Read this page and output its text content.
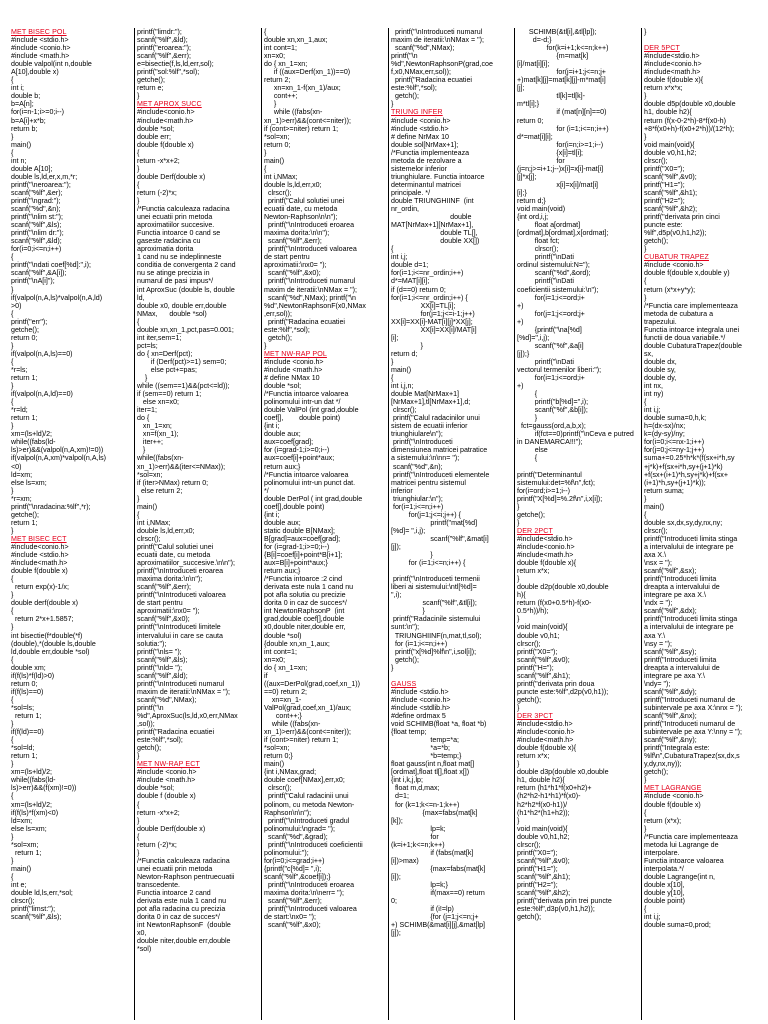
MET BISEC POL
#include <stdio.h>
#include <conio.h>
#include <math.h>
double valpol(int n,double
A[10],double x)
{
int i;
double b;
b=A[n];
for(i=n-1;i>=0;i--)
b=A[i]+x*b;
return b;
}
main()
{
int n;
double A[10];
double ls,ld,er,x,m,*r;
printf("\neroarea:");
scanf("%lf",&er);
printf("\ngrad:");
scanf("%d",&n);
printf("\nlim st:");
scanf("%lf",&ls);
printf("\nlim dr:");
scanf("%lf",&ld);
for(i=0;i<=n;i++)
{
printf("\ndati coef[%d]:",i);
scanf("%lf",&A[i]);
printf("\nA[i]");
}
if(valpol(n,A,ls)*valpol(n,A,ld)
>0)
{
printf("err");
getche();
return 0;
}
if(valpol(n,A,ls)==0)
{
*r=ls;
return 1;
}
if(valpol(n,A,ld)==0)
{
*r=ld;
return 1;
}
xm=(ls+ld)/2;
while((fabs(ld-
ls)>er)&&(valpol(n,A,xm)!=0))
if(valpol(n,A,xm)*valpol(n,A,ls)
<0)
ld=xm;
else ls=xm;
}
*r=xm;
printf("\nradacina:%lf",*r);
getche();
return 1;
}
MET BISEC ECT
#include<conio.h>
#include <stdio.h>
#include<math.h>
double f(double x)
{
return exp(x)-1/x;
}
double derf(double x)
{
return 2*x+1.5857;
}
int bisectie(f*double(*f)
(double),*(double ls,double
ld,double err,double *sol)
{
double xm;
if(f(ls)*f(ld)>0)
return 0;
if(f(ls)==0)
{
*sol=ls;
return 1;
}
if(f(ld)==0)
{
*sol=ld;
return 1;
}
xm=(ls+ld)/2;
while((fabs(ld-
ls)>err)&&(f(xm)!=0))
{
xm=(ls+ld)/2;
if(f(ls)*f(xm)<0)
ld=xm;
else ls=xm;
}
*sol=xm;
return 1;
}
main()
{
int e;
double ld,ls,err,*sol;
clrscr();
printf("limst:");
scanf("%lf",&ls);
printf("limdr:");
scanf("%lf",&ld);
printf("eroarea:");
scanf("%lf",&err);
e=bisectie(f,ls,ld,err,sol);
printf("sol:%lf",*sol);
getche();
return e;
}
MET APROX SUCC
#include<conio.h>
#include<math.h>
double *sol;
double err;
double f(double x)
{
return -x*x+2;
}
double Derf(double x)
{
return (-2)*x;
}
/*Functia calculeaza radacina
unei ecuatii prin metoda
aproximatiilor succesive.
Functia intoarce 0 cand se
gaseste radacina cu
aproximatia dorita
1 cand nu se indeplinneste
conditia de convergenta 2 cand
nu se atinge precizia in
numarul de pasi impus*/
int AproxSuc (double ls, double
ld,
double x0, double err,double
NMax,      double *sol)
{
double xn,xn_1,pct,pas=0.001;
int iter,sem=1;
pct=ls;
do { xn=Derf(pct);
if (Derf(pct)>=1) sem=0;
else pct+=pas;
}
while ((sem==1)&&(pct<=ld));
if (sem==0) return 1;
else xn=x0;
iter=1;
do {
xn_1=xn;
xn=f(xn_1);
iter++;
}
while((fabs(xn-
xn_1)>err)&&(iter<=NMax));
*sol=xn;
if (iter>NMax) return 0;
else return 2;
}
main()
{
int i,NMax;
double ls,ld,err,x0;
clrscr();
printf("Calul solutiei unei
ecuatii date, cu metoda
aproximatiilor_succesive.\n\n");
printf("\nIntroduceti eroarea
maxima dorita:\n\n");
scanf("%lf",&err);
printf("\nIntroduceti valoarea
de start pentru
aproximatii:\nx0= ");
scanf("%lf",&x0);
printf("\nIntroduceti limitele
intervalului in care se cauta
solutia:");
printf("\nls= ");
scanf("%lf",&ls);
printf("\nld= ");
scanf("%lf",&ld);
printf("\nIntroduceti numarul
maxim de iteratii:\nNMax = ");
scanf("%d",NMax);
printf("\n
%d",AproxSuc(ls,ld,x0,err,NMax
,sol));
printf("Radacina ecuatiei
este:%lf",*sol);
getch();
}
MET NW-RAP ECT
#include <conio.h>
#include <math.h>
double *sol;
double f (double x)
{
return -x*x+2;
}
double Derf(double x)
{
return (-2)*x;
}
/*Functia calculeaza radacina
unei ecuatii prin metoda
Newton-Raphson pentruecuatii
transcedente.
Functia intoarce 2 cand
derivata este nula 1 cand nu
pot afla radacina cu precizia
dorita 0 in caz de succes*/
int NewtonRaphsonF  (double
x0,
double niter,double err,double
*sol)
{
double xn,xn_1,aux;
int cont=1;
xn=x0;
do { xn_1=xn;
if ((aux=Derf(xn_1))==0)
return 2;
xn=xn_1-f(xn_1)/aux;
cont++;
}
while ((fabs(xn-
xn_1)>err)&&(cont<=niter));
if (cont>=niter) return 1;
*sol=xn;
return 0;
}
main()
{
int i,NMax;
double ls,ld,err,x0;
clrscr();
printf("Calul solutiei unei
ecuatii date, cu metoda
Newton-Raphson\n\n");
printf("\nIntroduceti eroarea
maxima dorita:\n\n");
scanf("%lf",&err);
printf("\nIntroduceti valoarea
de start pentru
aproximatii:\nx0= ");
scanf("%lf",&x0);
printf("\nIntroduceti numarul
maxim de iteratii:\nNMax = ");
scanf("%d",NMax); printf("\n
%d",NewtonRaphsonF(x0,NMax
,err,sol));
printf("Radacina ecuatiei
este:%lf",*sol);
getch();
}
MET NW-RAP POL
#include <conio.h>
#include <math.h>
# define NMax 10
double *sol;
/*Functia intoarce valoarea
polinomului intr-un dat */
double ValPol (int grad,double
coef[],        double point)
{int i;
double aux;
aux=coef[grad];
for (i=grad-1;i>=0;i--)
aux=coef[i]+point*aux;
return aux;}
/*Functia intoarce valoarea
polinomului intr-un punct dat.
*/
double DerPol ( int grad,double
coef[],double point)
{int i;
double aux;
static double B[NMax];
B[grad]=aux=coef[grad];
for (i=grad-1;i>=0;i--)
{B[i]=coef[i]+point*B[i+1];
aux=B[i]+point*aux;}
return aux;}
/*Functia intoarce :2 cind
derivata este nula 1 cand nu
pot afla solutia cu precizie
dorita 0 in caz de succes*/
int NewtonRaphsonP  (int
grad,double coef[],double
x0,double niter,double err,
double *sol)
{double xn,xn_1,aux;
int cont=1;
xn=x0;
do { xn_1=xn;
if
((aux=DerPol(grad,coef,xn_1))
==0) return 2;
xn=xn_1-
ValPol(grad,coef,xn_1)/aux;
cont++;}
while ((fabs(xn-
xn_1)>err)&&(cont<=niter));
if (cont>=niter) return 1;
*sol=xn;
return 0;}
main()
{int i,NMax,grad;
double coef[NMax],err,x0;
clrscr();
printf("Calul radacinii unui
polinom, cu metoda Newton-
Raphson\n\n");
printf("\nIntroduceti gradul
polinomului:\ngrad= ");
scanf("%d",&grad);
printf("\nIntroduceti coeficientii
polinomului:");
for(i=0;i<=grad;i++)
{printf("c[%d]= ",i);
scanf("%lf",&coef[i]);}
printf("\nIntroduceti eroarea
maxima dorita:\n\nerr= ");
scanf("%lf",&err);
printf("\nIntroduceti valoarea
de start:\nx0= ");
scanf("%lf",&x0);
printf("\nIntroduceti numarul
maxim de iteratii:\nNMax = ");
scanf("%d",NMax);
printf("\n
%d",NewtonRaphsonP(grad,coe
f,x0,NMax,err,sol));
printf("Radacina ecuatiei
este:%lf",*sol);
getch();
}
TRIUNG INFER
#include <conio.h>
#include <stdio.h>
# define NrMax 10
double sol[NrMax+1];
/*Functia implementeaza
metoda de rezolvare a
sistemelor inferior
triunghiulare. Functia intoarce
determinantul matricei
principale. */
double TRIUNGHIINF  (int
nr_ordin,
double
MAT[NrMax+1][NrMax+1],
double TL[],
double XX[])
{
int i,j;
double d=1;
for(i=1;i<=nr_ordin;i++)
d*=MAT[i][i];
if (d==0) return 0;
for(i=1;i<=nr_ordin;i++) {
XX[i]=TL[i];
for(j=1;j<=i-1;j++)
XX[i]=XX[i]-MAT[i][j]*XX[j];
XX[i]=XX[i]/MAT[i]
[i];
}
return d;
}
main()
{
int i,j,n;
double Mat[NrMax+1]
[NrMax+1],tl[NrMax+1],d;
clrscr();
printf("Calul radacinilor unui
sistem de ecuatii inferior
triunghiulare\n");
printf("\nIntroduceti
dimensiunea matricei patratice
a sistemului:\n\nn= ");
scanf("%d",&n);
printf("\nIntroduceti elementele
matricei pentru sistemul
inferior
triunghiular:\n");
for(i=1;i<=n;i++)
for(j=1;j<=i;j++) {
printf("mat[%d]
[%d]= ",i,j);
scanf("%lf",&mat[i]
[j]);
}
for (i=1;i<=n;i++) {
printf("\nIntroduceti termenii
liberi ai sistemului:\ntl[%d]=
",i);
scanf("%lf",&tl[i]);
}
printf("Radacinile sistemului
sunt:\n");
TRIUNGHIINF(n,mat,tl,sol);
for (i=1;i<=n;i++)
printf("x[%d]%lf\n",i,sol[i]);
getch();
}
GAUSS
#include <stdio.h>
#include <conio.h>
#include <stdlib.h>
#define ordmax 5
void SCHIMB(float *a, float *b)
{float temp;
temp=*a;
*a=*b;
*b=temp;}
float gauss(int n,float mat[]
[ordmat],float tl[],float x[])
{int i,k,j,lp;
float m,d,max;
d=1;
for (k=1;k<=n-1;k++)
{max=fabs(mat[k]
[k]);
lp=k;
for
(k=i+1;k<=n;k++)
if (fabs(mat[k]
[i])>max)
{max=fabs(mat[k]
[i]);
lp=k;}
if(max==0) return
0;
if (i!=lp)
{for (j=1;j<=n;j+
+) SCHIMB(&mat[i][j],&mat[lp]
[j]);
SCHIMB(&tl[i],&tl[lp]);
d=-d;}
for(k=i+1;k<=n;k++)
{m=mat[k]
[i]/mat[i][i];
for(j=i+1;j<=n;j+
+)mat[k][j]=mat[k][j]-m*mat[i]
[j];
tl[k]=tl[k]-
m*tl[i];}
if (mat[n][n]==0)
return 0;
for (i=1;i<=n;i++)
d*=mat[i][i];
for(i=n;i>=1;i--)
{x[i]=tl[i];
for
(j=n;j>=i+1;j--)x[i]=x[i]-mat[i]
[j]*x[j];
x[i]=x[i]/mat[i]
[i];}
return d;}
void main(void)
{int ord,i,j;
float a[ordmat]
[ordmat],b[ordmat],x[ordmat];
float fct;
clrscr();
printf("\nDati
ordinul sistemului:N=");
scanf("%d",&ord);
printf("\nDati
coeficientii sistemului:\n");
for(i=1;i<=ord;i+
+)
for(j=1;j<=ord;j+
+)
{printf("\na[%d]
[%d]=",i,j);
scanf("%f",&a[i]
[j]);}
printf("\nDati
vectorul termenilor liberi:");
for(i=1;i<=ord;i+
+)
{
printf("b[%d]=",i);
scanf("%f",&b[i]);
}
fct=gauss(ord,a,b,x);
if(fct==0)printf("\nCeva e putred
in DANEMARCA!!!");
else
{
printf("Determinantul
sistemului:det=%f\n",fct);
for(i=ord;i>=1;i--)
printf("X[%d]=%.2f\n",i,x[i]);
}
getche();
}
DER 2PCT
#include<stdio.h>
#include<conio.h>
#include<math.h>
double f(double x){
return x*x;
}
double d2p(double x0,double
h){
return (f(x0+0.5*h)-f(x0-
0.5*h))/h);
}
void main(void){
double v0,h1;
clrscr();
printf("X0=");
scanf("%lf",&v0);
printf("H=");
scanf("%lf",&h1);
printf("derivata prin doua
puncte este:%lf",d2p(v0,h1));
getch();
}
DER 3PCT
#include<stdio.h>
#include<conio.h>
#include<math.h>
double f(double x){
return x*x;
}
double d3p(double x0,double
h1, double h2){
return (h1*h1*f(x0+h2)+
(h2*h2-h1*h1)*f(x0)-
h2*h2*f(x0-h1))/
(h1*h2*(h1+h2));
}
void main(void){
double v0,h1,h2;
clrscr();
printf("X0=");
scanf("%lf",&v0);
printf("H1=");
scanf("%lf",&h1);
printf("H2=");
scanf("%lf",&h2);
printf("derivata prin trei puncte
este:%lf",d3p(v0,h1,h2));
getch();
}
DER 5PCT
#include<stdio.h>
#include<conio.h>
#include<math.h>
double f(double x){
return x*x*x;
}
double d5p(double x0,double
h1, double h2){
return (f(x-0-2*h)-8*f(x0-h)
+8*f(x0+h)-f(x0+2*h))/(12*h);
}
void main(void){
double v0,h1,h2;
clrscr();
printf("X0=");
scanf("%lf",&v0);
printf("H1=");
scanf("%lf",&h1);
printf("H2=");
scanf("%lf",&h2);
printf("derivata prin cinci
puncte este:
%lf",d5p(v0,h1,h2));
getch();
}
CUBATUR TRAPEZ
#include <conio.h>
double f(double x,double y)
{
return (x*x+y*y);
}
/*Functia care implementeaza
metoda de cubatura a
trapezului.
Functia intoarce integrala unei
functii de doua variabile.*/
double CubaturaTrapez(double
sx,
double dx,
double sy,
double dy,
int nx,
int ny)
{
int i,j;
double suma=0,h,k;
h=(dx-sx)/nx;
k=(dy-sy)/ny;
for(i=0;i<=nx-1;i++)
for(j=0;j<=ny-1;j++)
suma+=0.25*h*k*(f(sx+i*h,sy
+j*k)+f(sx+i*h,sy+(j+1)*k)
+f(sx+(i+1)*h,sy+j*k)+f(sx+
(i+1)*h,sy+(j+1)*k));
return suma;
}
main()
{
double sx,dx,sy,dy,nx,ny;
clrscr();
printf("Introduceti limita stinga
a intervalului de integrare pe
axa X.\
\nsx = ");
scanf("%lf",&sx);
printf("Introduceti limita
dreapta a intervalului de
integrare pe axa X.\
\ndx = ");
scanf("%lf",&dx);
printf("Introduceti limita stinga
a intervalului de integrare pe
axa Y.\
\nsy = ");
scanf("%lf",&sy);
printf("Introduceti limita
dreapta a intervalului de
integrare pe axa Y.\
\ndy= ");
scanf("%lf",&dy);
printf("Introduceti numarul de
subintervale pe axa X:\nnx = ");
scanf("%lf",&nx);
printf("Introduceti numarul de
subintervale pe axa Y:\nny = ");
scanf("%lf",&ny);
printf("Integrala este:
%lf\n",CubaturaTrapez(sx,dx,s
y,dy,nx,ny));
getch();
}
MET LAGRANGE
#include <conio.h>
double f(double x)
{
return (x*x);
}
/*Functia care implementeaza
metoda lui Lagrange de
interpolare.
Functia intoarce valoarea
interpolata.*/
double Lagrange(int n,
double x[10],
double y[10],
double point)
{
int i,j;
double suma=0,prod;
